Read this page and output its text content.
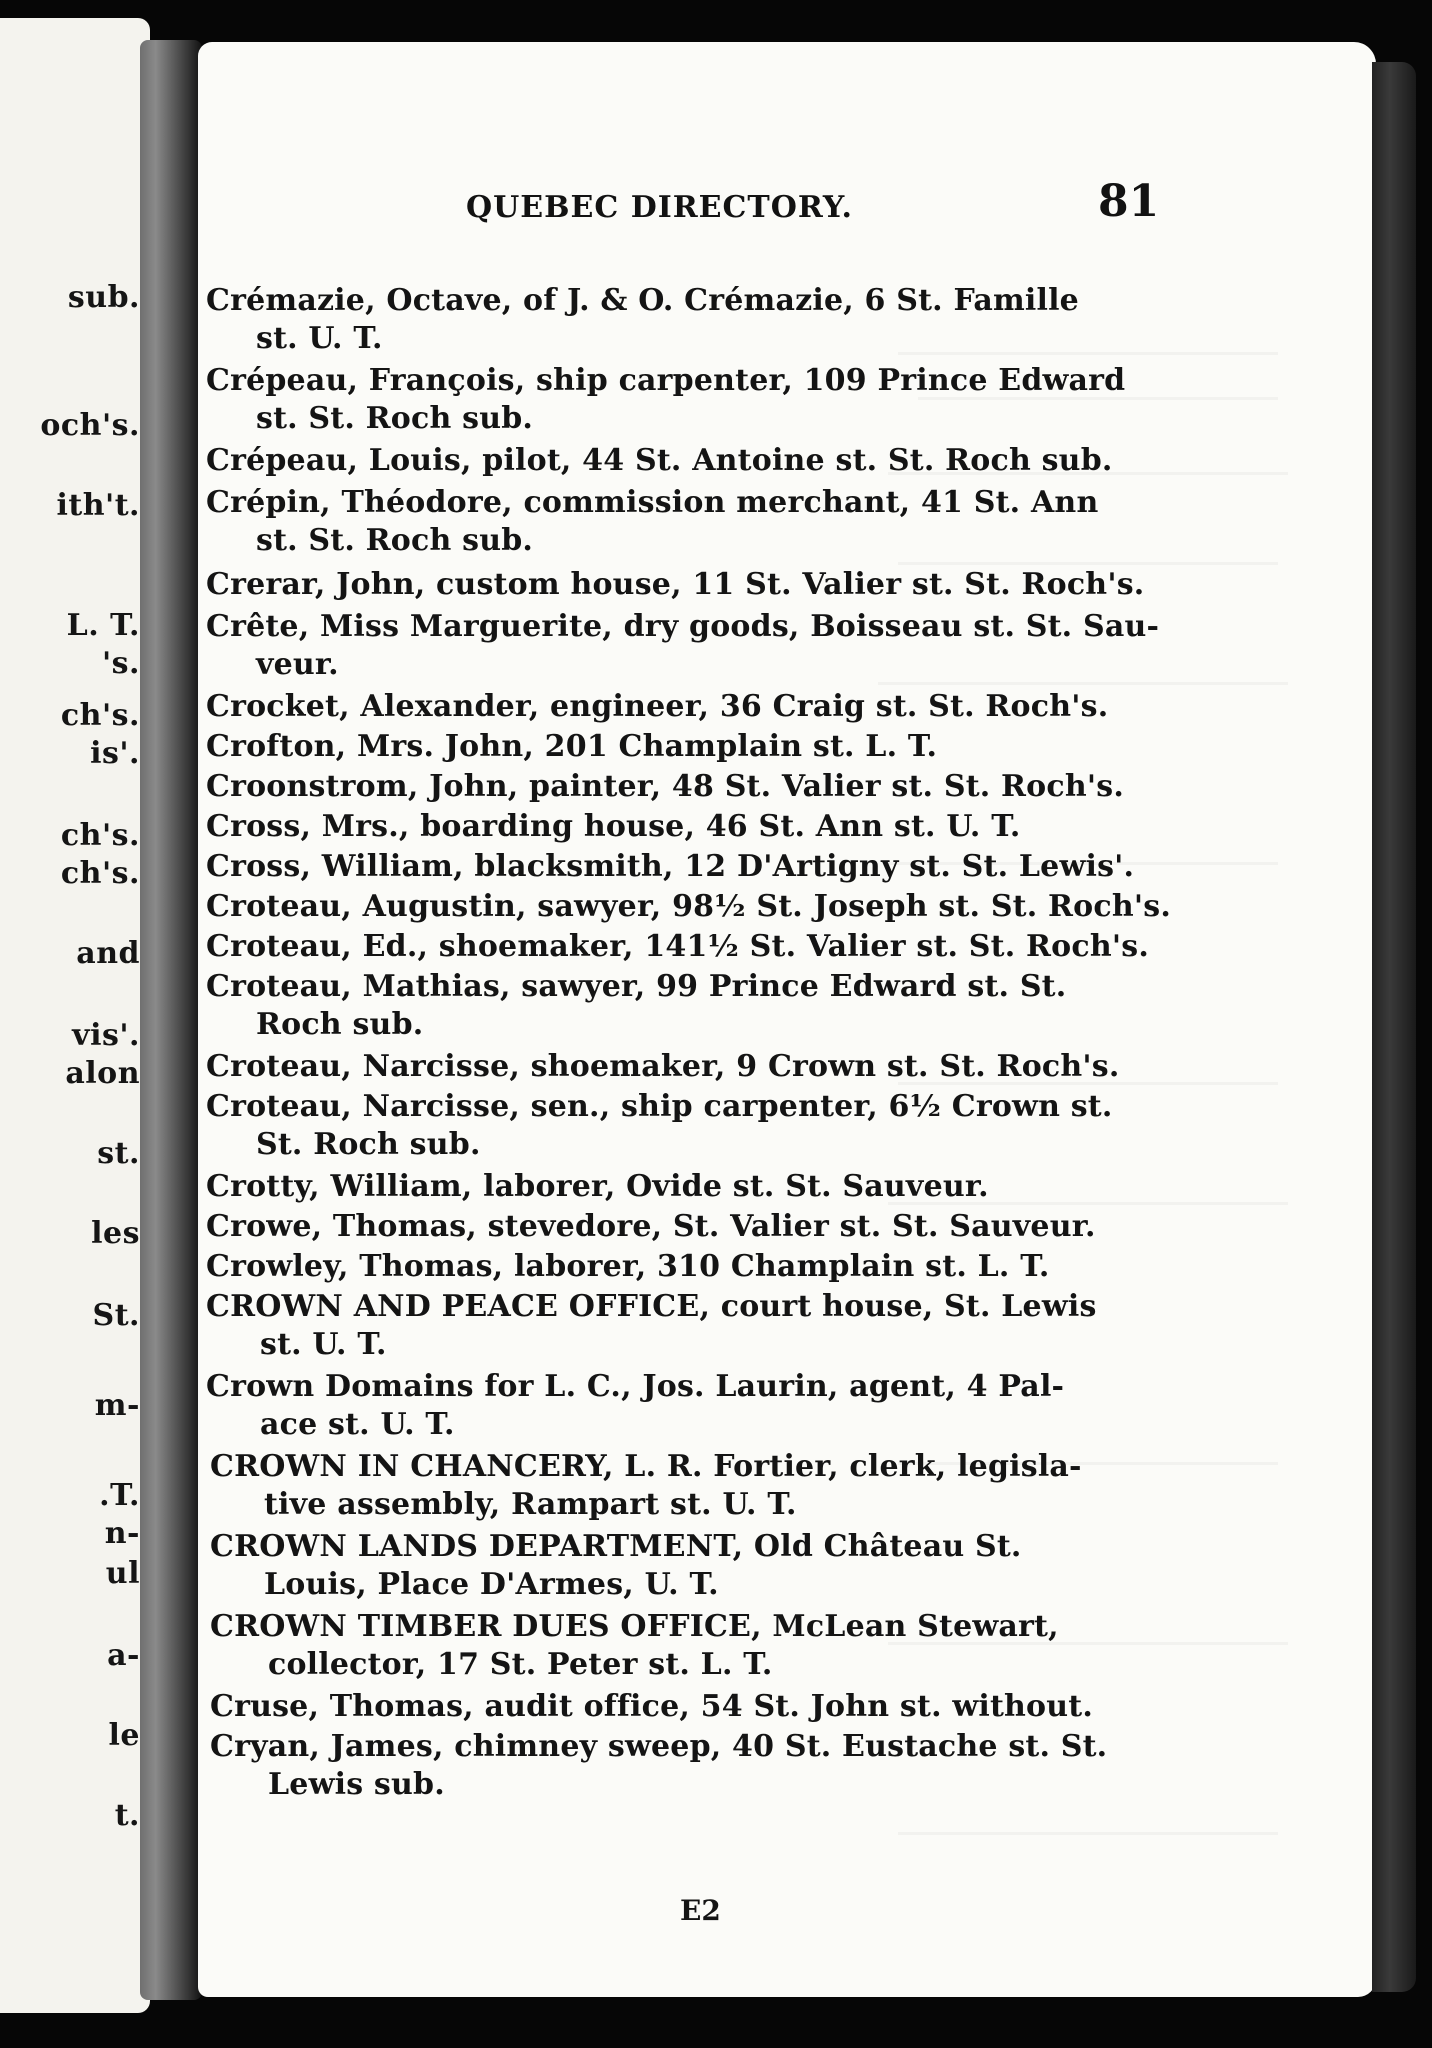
sub.
och's.
ith't.
L. T.
's.
ch's.
is'.
ch's.
ch's.
and
vis'.
alon
st.
les
St.
m-
.T.
n-
ul
a-
le
t.
QUEBEC DIRECTORY.	81
Crémazie, Octave, of J. & O. Crémazie, 6 St. Famille
st. U. T.
Crépeau, François, ship carpenter, 109 Prince Edward
st. St. Roch sub.
Crépeau, Louis, pilot, 44 St. Antoine st. St. Roch sub.
Crépin, Théodore, commission merchant, 41 St. Ann
st. St. Roch sub.
Crerar, John, custom house, 11 St. Valier st. St. Roch's.
Crête, Miss Marguerite, dry goods, Boisseau st. St. Sau-
veur.
Crocket, Alexander, engineer, 36 Craig st. St. Roch's.
Crofton, Mrs. John, 201 Champlain st. L. T.
Croonstrom, John, painter, 48 St. Valier st. St. Roch's.
Cross, Mrs., boarding house, 46 St. Ann st. U. T.
Cross, William, blacksmith, 12 D'Artigny st. St. Lewis'.
Croteau, Augustin, sawyer, 98½ St. Joseph st. St. Roch's.
Croteau, Ed., shoemaker, 141½ St. Valier st. St. Roch's.
Croteau, Mathias, sawyer, 99 Prince Edward st. St.
Roch sub.
Croteau, Narcisse, shoemaker, 9 Crown st. St. Roch's.
Croteau, Narcisse, sen., ship carpenter, 6½ Crown st.
St. Roch sub.
Crotty, William, laborer, Ovide st. St. Sauveur.
Crowe, Thomas, stevedore, St. Valier st. St. Sauveur.
Crowley, Thomas, laborer, 310 Champlain st. L. T.
CROWN AND PEACE OFFICE, court house, St. Lewis
st. U. T.
Crown Domains for L. C., Jos. Laurin, agent, 4 Pal-
ace st. U. T.
CROWN IN CHANCERY, L. R. Fortier, clerk, legisla-
tive assembly, Rampart st. U. T.
CROWN LANDS DEPARTMENT, Old Château St.
Louis, Place D'Armes, U. T.
CROWN TIMBER DUES OFFICE, McLean Stewart,
collector, 17 St. Peter st. L. T.
Cruse, Thomas, audit office, 54 St. John st. without.
Cryan, James, chimney sweep, 40 St. Eustache st. St.
Lewis sub.
E2
